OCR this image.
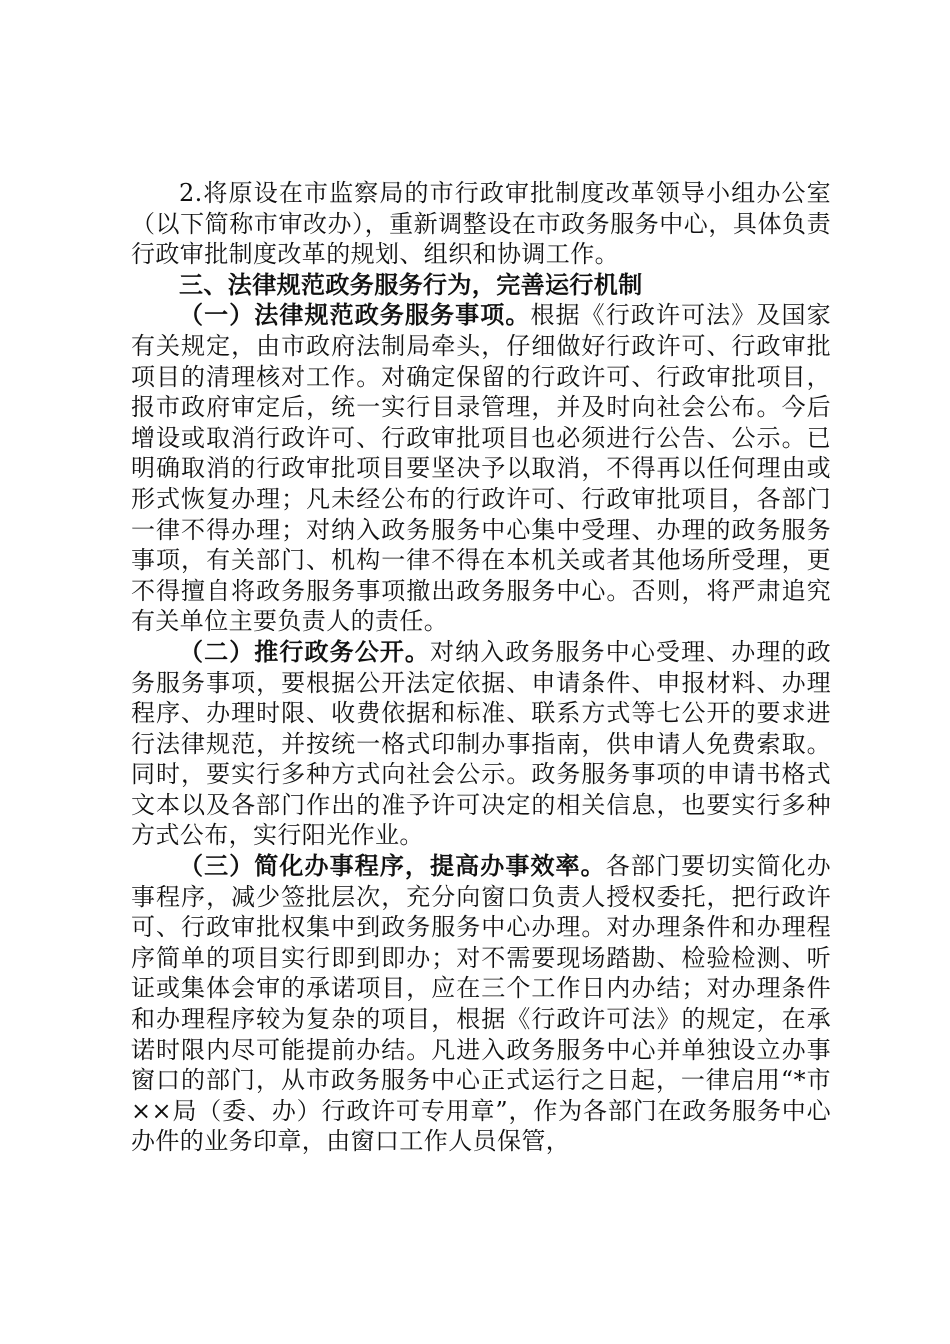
2.将原设在市监察局的市行政审批制度改革领导小组办公室（以下简称市审改办），重新调整设在市政务服务中心，具体负责行政审批制度改革的规划、组织和协调工作。

三、法律规范政务服务行为，完善运行机制

（一）法律规范政务服务事项。根据《行政许可法》及国家有关规定，由市政府法制局牵头，仔细做好行政许可、行政审批项目的清理核对工作。对确定保留的行政许可、行政审批项目，报市政府审定后，统一实行目录管理，并及时向社会公布。今后增设或取消行政许可、行政审批项目也必须进行公告、公示。已明确取消的行政审批项目要坚决予以取消，不得再以任何理由或形式恢复办理；凡未经公布的行政许可、行政审批项目，各部门一律不得办理；对纳入政务服务中心集中受理、办理的政务服务事项，有关部门、机构一律不得在本机关或者其他场所受理，更不得擅自将政务服务事项撤出政务服务中心。否则，将严肃追究有关单位主要负责人的责任。

（二）推行政务公开。对纳入政务服务中心受理、办理的政务服务事项，要根据公开法定依据、申请条件、申报材料、办理程序、办理时限、收费依据和标准、联系方式等七公开的要求进行法律规范，并按统一格式印制办事指南，供申请人免费索取。同时，要实行多种方式向社会公示。政务服务事项的申请书格式文本以及各部门作出的准予许可决定的相关信息，也要实行多种方式公布，实行阳光作业。

（三）简化办事程序，提高办事效率。各部门要切实简化办事程序，减少签批层次，充分向窗口负责人授权委托，把行政许可、行政审批权集中到政务服务中心办理。对办理条件和办理程序简单的项目实行即到即办；对不需要现场踏勘、检验检测、听证或集体会审的承诺项目，应在三个工作日内办结；对办理条件和办理程序较为复杂的项目，根据《行政许可法》的规定，在承诺时限内尽可能提前办结。凡进入政务服务中心并单独设立办事窗口的部门，从市政务服务中心正式运行之日起，一律启用“*市××局（委、办）行政许可专用章”，作为各部门在政务服务中心办件的业务印章，由窗口工作人员保管，
